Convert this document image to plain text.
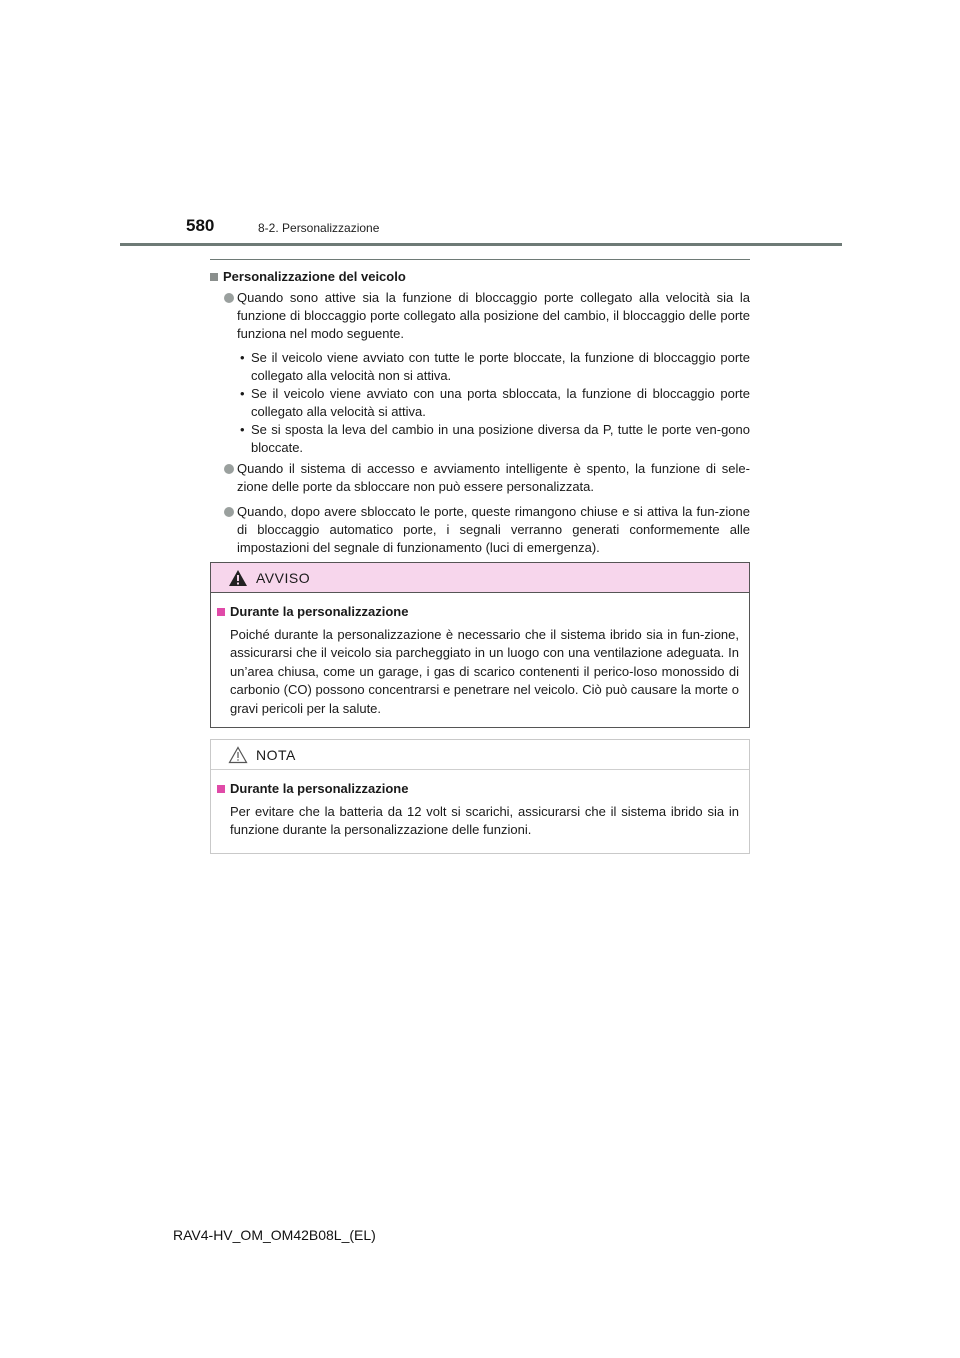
580	8-2. Personalizzazione
Personalizzazione del veicolo
Quando sono attive sia la funzione di bloccaggio porte collegato alla velocità sia la funzione di bloccaggio porte collegato alla posizione del cambio, il bloccaggio delle porte funziona nel modo seguente.
• Se il veicolo viene avviato con tutte le porte bloccate, la funzione di bloccaggio porte collegato alla velocità non si attiva.
• Se il veicolo viene avviato con una porta sbloccata, la funzione di bloccaggio porte collegato alla velocità si attiva.
• Se si sposta la leva del cambio in una posizione diversa da P, tutte le porte ven-gono bloccate.
Quando il sistema di accesso e avviamento intelligente è spento, la funzione di sele-zione delle porte da sbloccare non può essere personalizzata.
Quando, dopo avere sbloccato le porte, queste rimangono chiuse e si attiva la fun-zione di bloccaggio automatico porte, i segnali verranno generati conformemente alle impostazioni del segnale di funzionamento (luci di emergenza).
AVVISO
Durante la personalizzazione
Poiché durante la personalizzazione è necessario che il sistema ibrido sia in fun-zione, assicurarsi che il veicolo sia parcheggiato in un luogo con una ventilazione adeguata. In un’area chiusa, come un garage, i gas di scarico contenenti il perico-loso monossido di carbonio (CO) possono concentrarsi e penetrare nel veicolo. Ciò può causare la morte o gravi pericoli per la salute.
NOTA
Durante la personalizzazione
Per evitare che la batteria da 12 volt si scarichi, assicurarsi che il sistema ibrido sia in funzione durante la personalizzazione delle funzioni.
RAV4-HV_OM_OM42B08L_(EL)
